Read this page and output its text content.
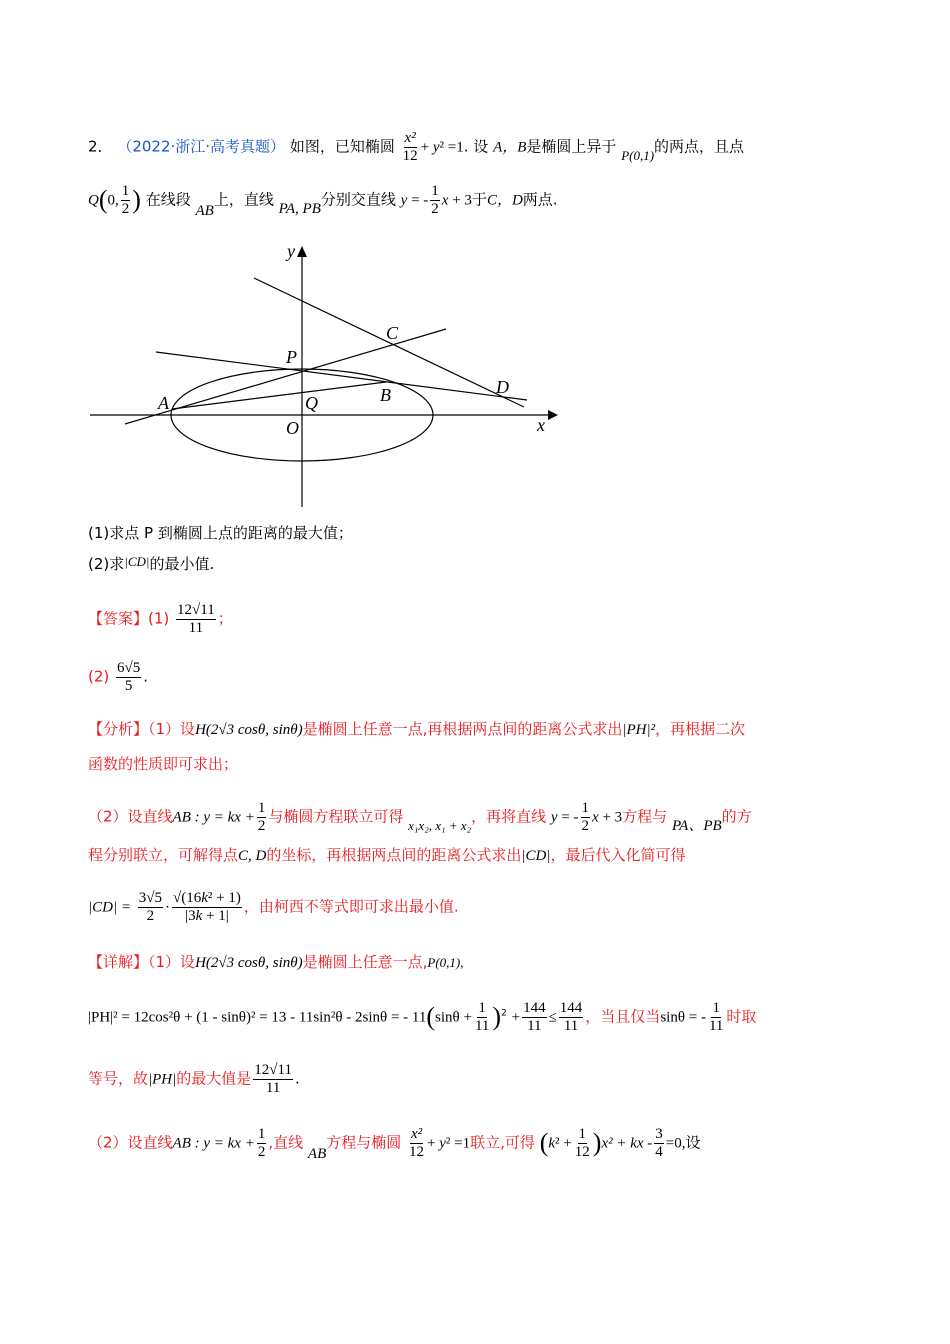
2． （2022·浙江·高考真题） 如图，已知椭圆 $\frac{\text{x²}}{12} + y^2 =1$. 设 A，B是椭圆上异于 P(0,1)的两点，且点
Q(0, $\frac{1}{2}$ ) 在线段 AB上，直线 PA, PB分别交直线 y = - $\frac{1}{2}$ x + 3于C，D两点.
y
x
C
P
D
A	Q	B
O
(1)求点 P 到椭圆上点的距离的最大值；
(2)求|CD|的最小值.
【答案】$(1) \frac{12√11}{11}$ ；
$(2) \frac{6√5}{5}$ .
【分析】（1）设H(2√3 cosθ, sinθ)是椭圆上任意一点,再根据两点间的距离公式求出|PH|²，再根据二次
函数的性质即可求出；
（2）设直线AB : y = kx + $\frac{1}{2}$ 与椭圆方程联立可得 x₁x₂, x₁ + x₂，再将直线 y = - $\frac{1}{2}$ x + 3方程与 PA、PB的方
程分别联立，可解得点C, D的坐标，再根据两点间的距离公式求出|CD|，最后代入化简可得
$|CD| = \frac{3√5}{2} \cdot \frac{\text{√(16k² + 1)}}{|3k + 1|}$ ，由柯西不等式即可求出最小值.
【详解】（1）设H(2√3 cosθ, sinθ)是椭圆上任意一点,P(0,1),
|PH|² = 12cos²θ + (1 - sinθ)² = 13 - 11sin²θ - 2sinθ = - $11(\sin\theta + \frac{1}{11} )^2 + \frac{144}{11} \le \frac{144}{11}$ ，当且仅当sinθ = - $\frac{1}{11}$ 时取
等号，故|PH|的最大值是 $\frac{12√11}{11}$ .
（2）设直线AB : y = kx + $\frac{1}{2}$ ,直线 AB方程与椭圆 $\frac{\text{x²}}{12} + y^2 =1$联立,可得 $(k^2 + \frac{1}{12} )x^2$ + kx - $\frac{3}{4} =0$,设
